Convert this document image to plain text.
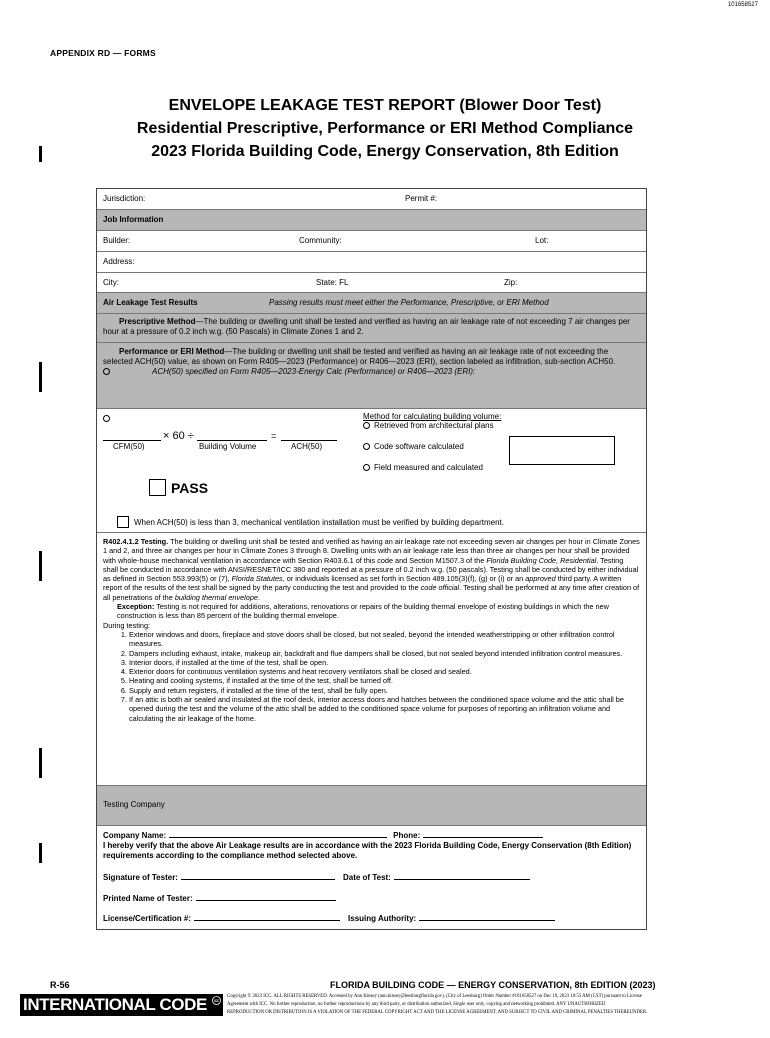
101658527
APPENDIX RD — FORMS
ENVELOPE LEAKAGE TEST REPORT (Blower Door Test)
Residential Prescriptive, Performance or ERI Method Compliance
2023 Florida Building Code, Energy Conservation, 8th Edition
Jurisdiction:	Permit #:
Job Information
Builder:	Community:	Lot:
Address:
City:	State: FL	Zip:
Air Leakage Test Results	Passing results must meet either the Performance, Prescriptive, or ERI Method
Prescriptive Method—The building or dwelling unit shall be tested and verified as having an air leakage rate of not exceeding 7 air changes per hour at a pressure of 0.2 inch w.g. (50 Pascals) in Climate Zones 1 and 2.
Performance or ERI Method—The building or dwelling unit shall be tested and verified as having an air leakage rate of not exceeding the selected ACH(50) value, as shown on Form R405—2023 (Performance) or R406—2023 (ERI), section labeled as infiltration, sub-section ACH50.
ACH(50) specified on Form R405—2023-Energy Calc (Performance) or R406—2023 (ERI):
× 60 ÷	=
CFM(50)	Building Volume	ACH(50)
Method for calculating building volume:
Retrieved from architectural plans
Code software calculated
Field measured and calculated
PASS
When ACH(50) is less than 3, mechanical ventilation installation must be verified by building department.
R402.4.1.2 Testing. The building or dwelling unit shall be tested and verified as having an air leakage rate not exceeding seven air changes per hour in Climate Zones 1 and 2, and three air changes per hour in Climate Zones 3 through 8. Dwelling units with an air leakage rate less than three air changes per hour shall be provided with whole-house mechanical ventilation in accordance with Section R403.6.1 of this code and Section M1507.3 of the Florida Building Code, Residential. Testing shall be conducted in accordance with ANSI/RESNET/ICC 380 and reported at a pressure of 0.2 inch w.g. (50 pascals). Testing shall be conducted by either individual as defined in Section 553.993(5) or (7), Florida Statutes, or individuals licensed as set forth in Section 489.105(3)(f), (g) or (i) or an approved third party. A written report of the results of the test shall be signed by the party conducting the test and provided to the code official. Testing shall be performed at any time after creation of all penetrations of the building thermal envelope.
Exception: Testing is not required for additions, alterations, renovations or repairs of the building thermal envelope of existing buildings in which the new construction is less than 85 percent of the building thermal envelope.
During testing:
1. Exterior windows and doors, fireplace and stove doors shall be closed, but not sealed, beyond the intended weatherstripping or other infiltration control measures.
2. Dampers including exhaust, intake, makeup air, backdraft and flue dampers shall be closed, but not sealed beyond intended infiltration control measures.
3. Interior doors, if installed at the time of the test, shall be open.
4. Exterior doors for continuous ventilation systems and heat recovery ventilators shall be closed and sealed.
5. Heating and cooling systems, if installed at the time of the test, shall be turned off.
6. Supply and return registers, if installed at the time of the test, shall be fully open.
7. If an attic is both air sealed and insulated at the roof deck, interior access doors and hatches between the conditioned space volume and the attic shall be opened during the test and the volume of the attic shall be added to the conditioned space volume for purposes of reporting an infiltration volume and calculating the air leakage of the home.
Testing Company
Company Name:	Phone:
I hereby verify that the above Air Leakage results are in accordance with the 2023 Florida Building Code, Energy Conservation (8th Edition) requirements according to the compliance method selected above.
Signature of Tester:	Date of Test:
Printed Name of Tester:
License/Certification #:	Issuing Authority:
R-56	FLORIDA BUILDING CODE — ENERGY CONSERVATION, 8th EDITION (2023)
INTERNATIONAL CODE COUNCIL
ICC
Copyright © 2023 ICC. ALL RIGHTS RESERVED. Accessed by Ann Kinsey (ann.kinsey@leesburgflorida.gov), (City of Leesburg) Order Number #101658527 on Dec 19, 2023 10:55 AM (CST) pursuant to License
Agreement with ICC. No further reproduction, no further reproductions by any third party, or distribution authorized. Single user only, copying and networking prohibited. ANY UNAUTHORIZED
REPRODUCTION OR DISTRIBUTION IS A VIOLATION OF THE FEDERAL COPYRIGHT ACT AND THE LICENSE AGREEMENT, AND SUBJECT TO CIVIL AND CRIMINAL PENALTIES THEREUNDER.
